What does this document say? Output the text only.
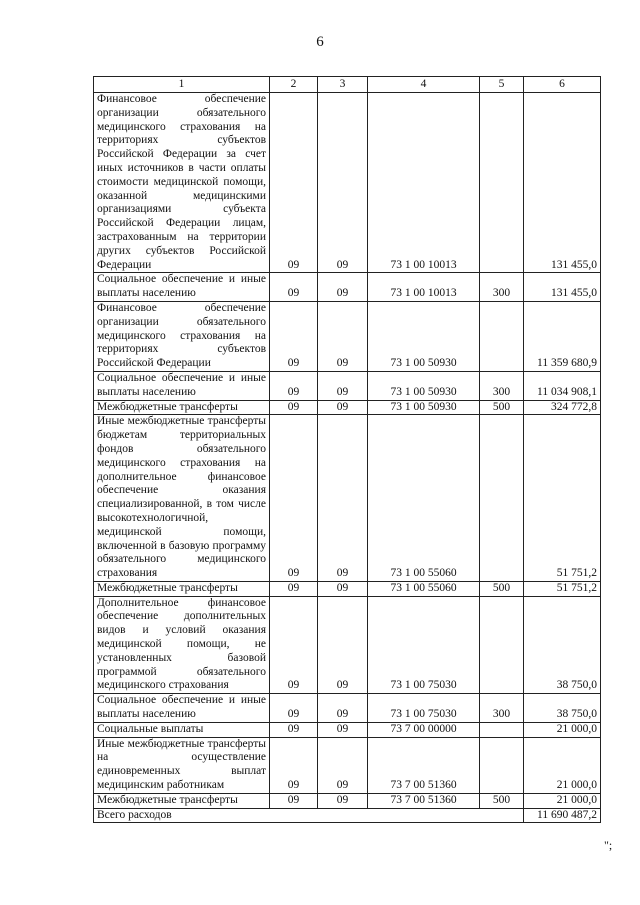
6
1	2	3	4	5	6
Финансовое обеспечение организации обязательного медицинского страхования на территориях субъектов Российской Федерации за счет иных источников в части оплаты стоимости медицинской помощи, оказанной медицинскими организациями субъекта Российской Федерации лицам, застрахованным на территории других субъектов Российской Федерации	09	09	73 1 00 10013		131 455,0
Социальное обеспечение и иные выплаты населению	09	09	73 1 00 10013	300	131 455,0
Финансовое обеспечение организации обязательного медицинского страхования на территориях субъектов Российской Федерации	09	09	73 1 00 50930		11 359 680,9
Социальное обеспечение и иные выплаты населению	09	09	73 1 00 50930	300	11 034 908,1
Межбюджетные трансферты	09	09	73 1 00 50930	500	324 772,8
Иные межбюджетные трансферты бюджетам территориальных фондов обязательного медицинского страхования на дополнительное финансовое обеспечение оказания специализированной, в том числе высокотехнологичной, медицинской помощи, включенной в базовую программу обязательного медицинского страхования	09	09	73 1 00 55060		51 751,2
Межбюджетные трансферты	09	09	73 1 00 55060	500	51 751,2
Дополнительное финансовое обеспечение дополнительных видов и условий оказания медицинской помощи, не установленных базовой программой обязательного медицинского страхования	09	09	73 1 00 75030		38 750,0
Социальное обеспечение и иные выплаты населению	09	09	73 1 00 75030	300	38 750,0
Социальные выплаты	09	09	73 7 00 00000		21 000,0
Иные межбюджетные трансферты на осуществление единовременных выплат медицинским работникам	09	09	73 7 00 51360		21 000,0
Межбюджетные трансферты	09	09	73 7 00 51360	500	21 000,0
Всего расходов					11 690 487,2
";
